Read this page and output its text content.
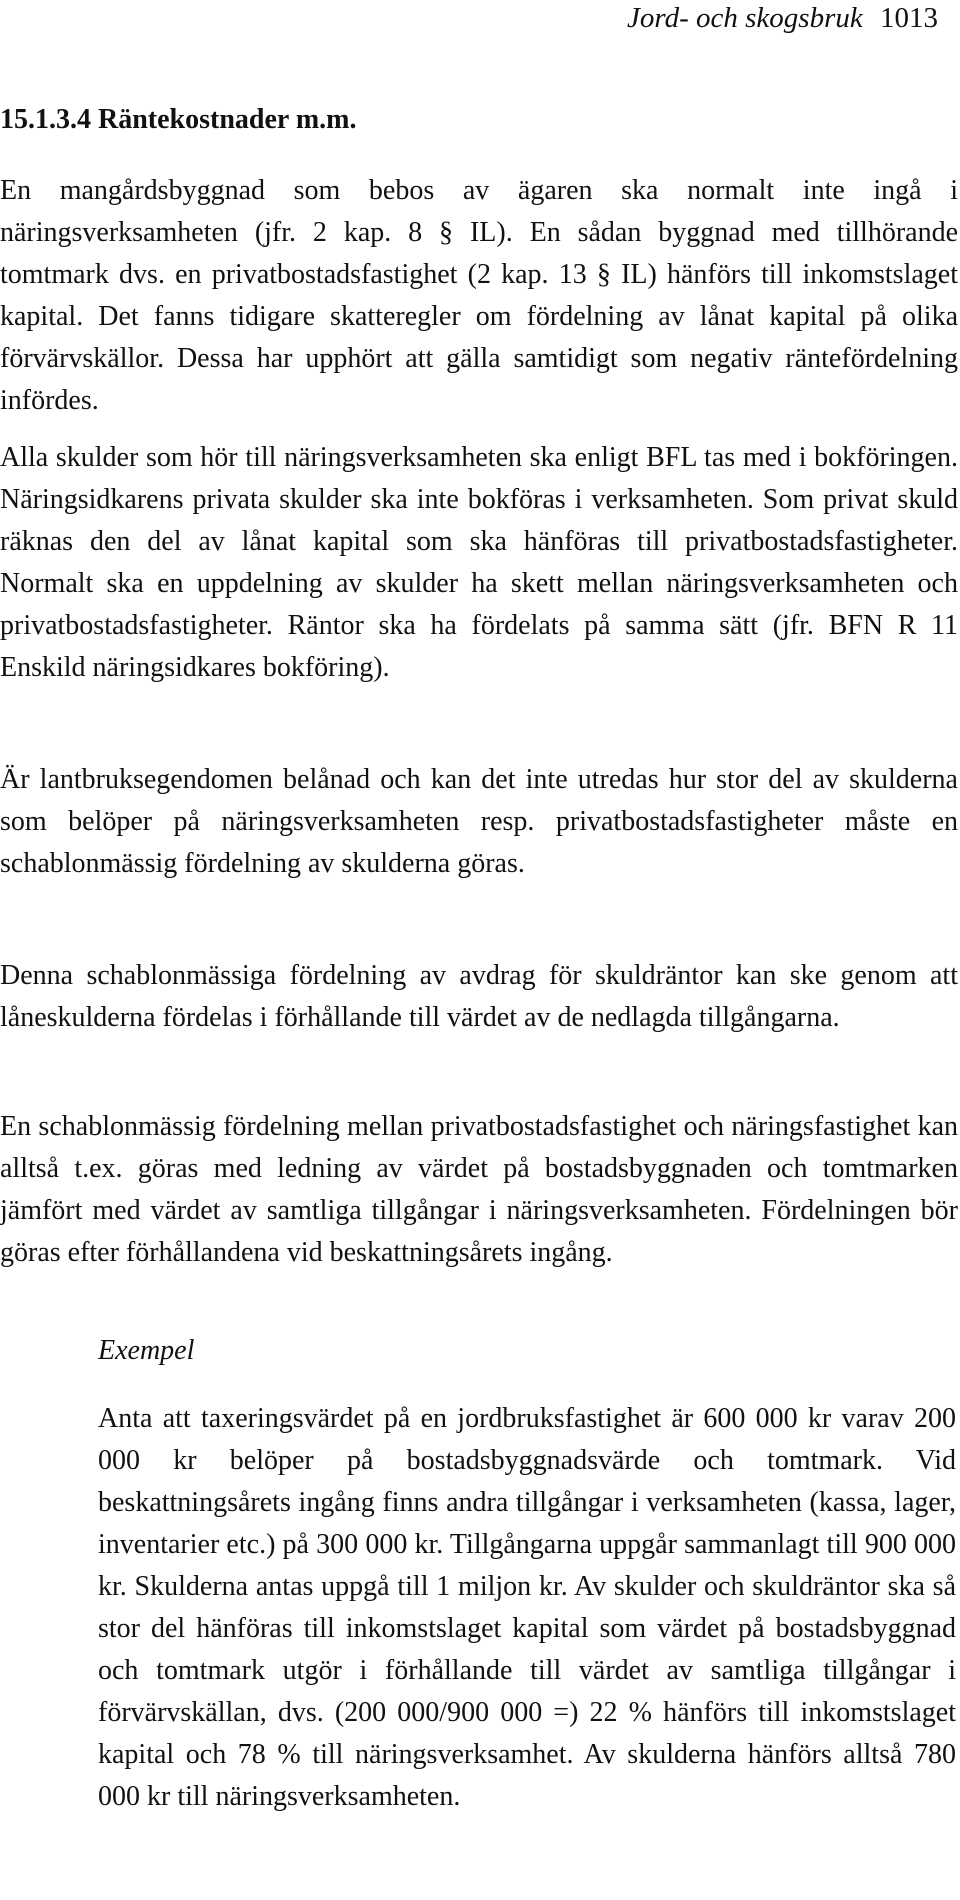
Jord- och skogsbruk 1013
15.1.3.4 Räntekostnader m.m.

En mangårdsbyggnad som bebos av ägaren ska normalt inte ingå i näringsverksamheten (jfr. 2 kap. 8 § IL). En sådan byggnad med tillhörande tomtmark dvs. en privatbostadsfastighet (2 kap. 13 § IL) hänförs till inkomstslaget kapital. Det fanns tidigare skatteregler om fördelning av lånat kapital på olika förvärvskällor. Dessa har upphört att gälla samtidigt som negativ räntefördelning infördes.

Alla skulder som hör till näringsverksamheten ska enligt BFL tas med i bokföringen. Näringsidkarens privata skulder ska inte bokföras i verksamheten. Som privat skuld räknas den del av lånat kapital som ska hänföras till privatbostadsfastigheter. Normalt ska en uppdelning av skulder ha skett mellan näringsverksamheten och privatbostadsfastigheter. Räntor ska ha fördelats på samma sätt (jfr. BFN R 11 Enskild näringsidkares bokföring).

Är lantbruksegendomen belånad och kan det inte utredas hur stor del av skulderna som belöper på näringsverksamheten resp. privatbostadsfastigheter måste en schablonmässig fördelning av skulderna göras.

Denna schablonmässiga fördelning av avdrag för skuldräntor kan ske genom att låneskulderna fördelas i förhållande till värdet av de nedlagda tillgångarna.

En schablonmässig fördelning mellan privatbostadsfastighet och näringsfastighet kan alltså t.ex. göras med ledning av värdet på bostadsbyggnaden och tomtmarken jämfört med värdet av samtliga tillgångar i näringsverksamheten. Fördelningen bör göras efter förhållandena vid beskattningsårets ingång.

Exempel

Anta att taxeringsvärdet på en jordbruksfastighet är 600 000 kr varav 200 000 kr belöper på bostadsbyggnadsvärde och tomtmark. Vid beskattningsårets ingång finns andra tillgångar i verksamheten (kassa, lager, inventarier etc.) på 300 000 kr. Tillgångarna uppgår sammanlagt till 900 000 kr. Skulderna antas uppgå till 1 miljon kr. Av skulder och skuldräntor ska så stor del hänföras till inkomstslaget kapital som värdet på bostadsbyggnad och tomtmark utgör i förhållande till värdet av samtliga tillgångar i förvärvskällan, dvs. (200 000/900 000 =) 22 % hänförs till inkomstslaget kapital och 78 % till näringsverksamhet. Av skulderna hänförs alltså 780 000 kr till näringsverksamheten.
